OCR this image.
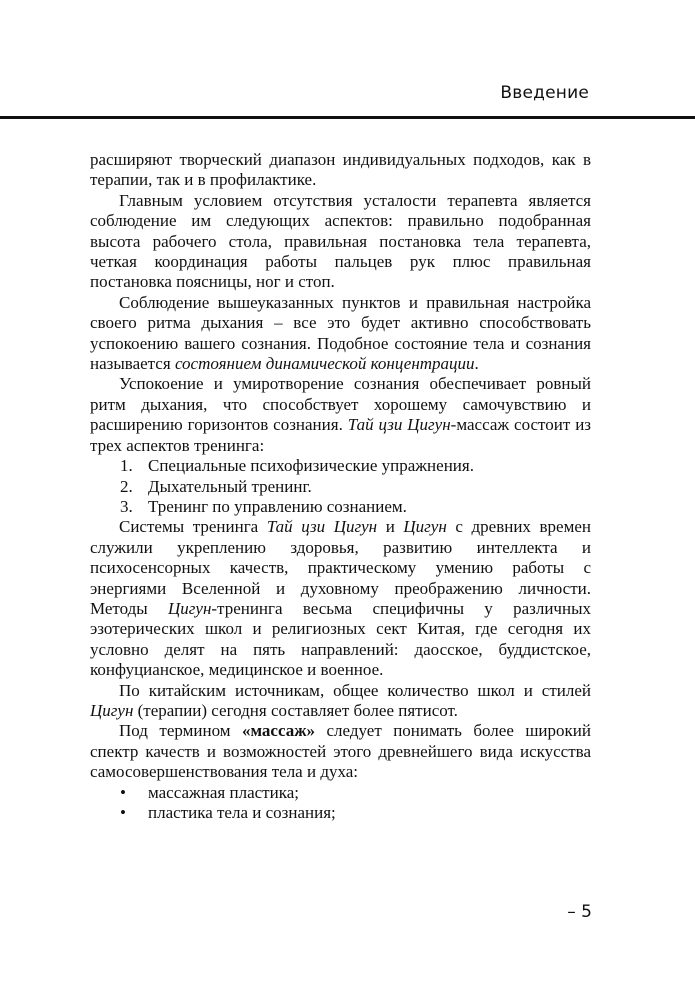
Введение

расширяют творческий диапазон индивидуальных подходов, как в терапии, так и в профилактике.

Главным условием отсутствия усталости терапевта является соблюдение им следующих аспектов: правильно подобранная высота рабочего стола, правильная постановка тела терапевта, четкая координация работы пальцев рук плюс правильная постановка поясницы, ног и стоп.

Соблюдение вышеуказанных пунктов и правильная настройка своего ритма дыхания – все это будет активно способствовать успокоению вашего сознания. Подобное состояние тела и сознания называется состоянием динамической концентрации.

Успокоение и умиротворение сознания обеспечивает ровный ритм дыхания, что способствует хорошему самочувствию и расширению горизонтов сознания. Тай цзи Цигун-массаж состоит из трех аспектов тренинга:

1. Специальные психофизические упражнения.
2. Дыхательный тренинг.
3. Тренинг по управлению сознанием.

Системы тренинга Тай цзи Цигун и Цигун с древних времен служили укреплению здоровья, развитию интеллекта и психосенсорных качеств, практическому умению работы с энергиями Вселенной и духовному преображению личности. Методы Цигун-тренинга весьма специфичны у различных эзотерических школ и религиозных сект Китая, где сегодня их условно делят на пять направлений: даосское, буддистское, конфуцианское, медицинское и военное.

По китайским источникам, общее количество школ и стилей Цигун (терапии) сегодня составляет более пятисот.

Под термином «массаж» следует понимать более широкий спектр качеств и возможностей этого древнейшего вида искусства самосовершенствования тела и духа:

• массажная пластика;
• пластика тела и сознания;
– 5
